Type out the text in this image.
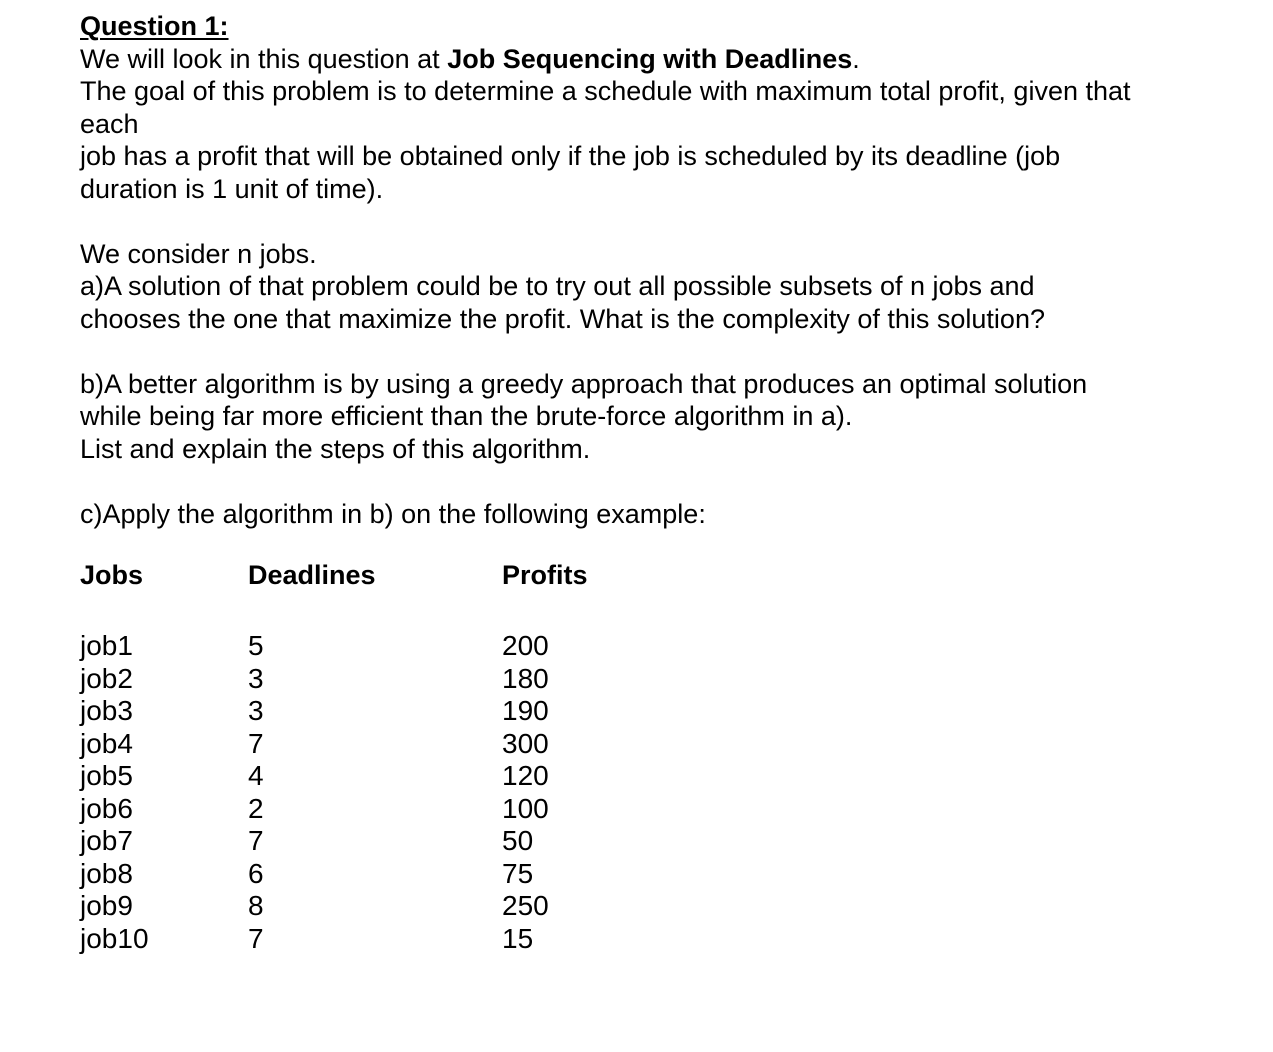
Question 1:

We will look in this question at Job Sequencing with Deadlines.

The goal of this problem is to determine a schedule with maximum total profit, given that

each

job has a profit that will be obtained only if the job is scheduled by its deadline (job

duration is 1 unit of time).

We consider n jobs.

a)A solution of that problem could be to try out all possible subsets of n jobs and

chooses the one that maximize the profit. What is the complexity of this solution?

b)A better algorithm is by using a greedy approach that produces an optimal solution

while being far more efficient than the brute-force algorithm in a).

List and explain the steps of this algorithm.

c)Apply the algorithm in b) on the following example:

Jobs	Deadlines	Profits
job1	5	200
job2	3	180
job3	3	190
job4	7	300
job5	4	120
job6	2	100
job7	7	50
job8	6	75
job9	8	250
job10	7	15
